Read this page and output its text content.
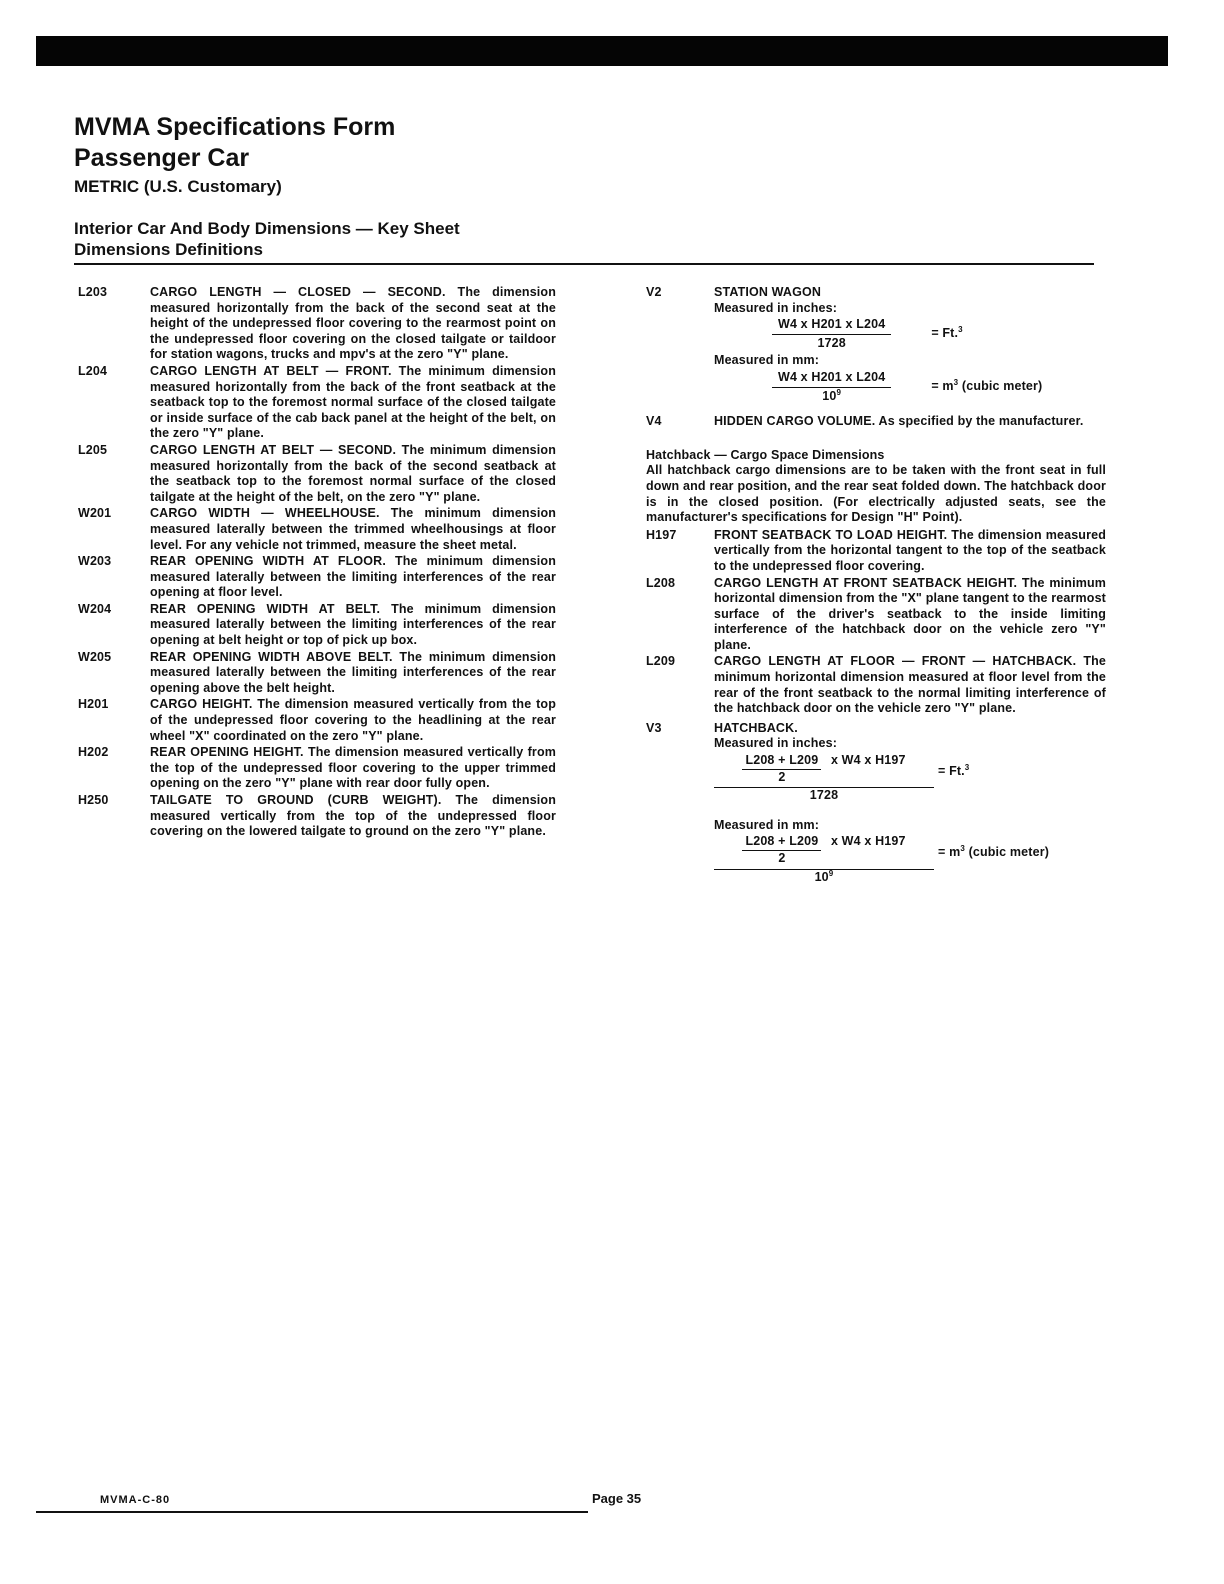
MVMA Specifications Form
Passenger Car
METRIC (U.S. Customary)
Interior Car And Body Dimensions — Key Sheet
Dimensions Definitions
L203	CARGO LENGTH — CLOSED — SECOND. The dimension measured horizontally from the back of the second seat at the height of the undepressed floor covering to the rearmost point on the undepressed floor covering on the closed tailgate or taildoor for station wagons, trucks and mpv's at the zero "Y" plane.
L204	CARGO LENGTH AT BELT — FRONT. The minimum dimension measured horizontally from the back of the front seatback at the seatback top to the foremost normal surface of the closed tailgate or inside surface of the cab back panel at the height of the belt, on the zero "Y" plane.
L205	CARGO LENGTH AT BELT — SECOND. The minimum dimension measured horizontally from the back of the second seatback at the seatback top to the foremost normal surface of the closed tailgate at the height of the belt, on the zero "Y" plane.
W201	CARGO WIDTH — WHEELHOUSE. The minimum dimension measured laterally between the trimmed wheelhousings at floor level. For any vehicle not trimmed, measure the sheet metal.
W203	REAR OPENING WIDTH AT FLOOR. The minimum dimension measured laterally between the limiting interferences of the rear opening at floor level.
W204	REAR OPENING WIDTH AT BELT. The minimum dimension measured laterally between the limiting interferences of the rear opening at belt height or top of pick up box.
W205	REAR OPENING WIDTH ABOVE BELT. The minimum dimension measured laterally between the limiting interferences of the rear opening above the belt height.
H201	CARGO HEIGHT. The dimension measured vertically from the top of the undepressed floor covering to the headlining at the rear wheel "X" coordinated on the zero "Y" plane.
H202	REAR OPENING HEIGHT. The dimension measured vertically from the top of the undepressed floor covering to the upper trimmed opening on the zero "Y" plane with rear door fully open.
H250	TAILGATE TO GROUND (CURB WEIGHT). The dimension measured vertically from the top of the undepressed floor covering on the lowered tailgate to ground on the zero "Y" plane.
V2	STATION WAGON
Measured in inches:
$\frac{\text{W4 x H201 x L204}}{1728}$	= Ft.$^3$
Measured in mm:
$\frac{\text{W4 x H201 x L204}}{10^9}$	= $m^3$ (cubic meter)
V4	HIDDEN CARGO VOLUME. As specified by the manufacturer.
Hatchback — Cargo Space Dimensions
All hatchback cargo dimensions are to be taken with the front seat in full down and rear position, and the rear seat folded down. The hatchback door is in the closed position. (For electrically adjusted seats, see the manufacturer's specifications for Design "H" Point).
H197	FRONT SEATBACK TO LOAD HEIGHT. The dimension measured vertically from the horizontal tangent to the top of the seatback to the undepressed floor covering.
L208	CARGO LENGTH AT FRONT SEATBACK HEIGHT. The minimum horizontal dimension from the "X" plane tangent to the rearmost surface of the driver's seatback to the inside limiting interference of the hatchback door on the vehicle zero "Y" plane.
L209	CARGO LENGTH AT FLOOR — FRONT — HATCHBACK. The minimum horizontal dimension measured at floor level from the rear of the front seatback to the normal limiting interference of the hatchback door on the vehicle zero "Y" plane.
V3	HATCHBACK.
Measured in inches:
$\frac{L208 + L209}{2}$ x W4 x H197
1728
= Ft.$^3$
Measured in mm:
$\frac{L208 + L209}{2}$ x W4 x H197
$10^9$
= $m^3$ (cubic meter)
MVMA-C-80	Page 35
